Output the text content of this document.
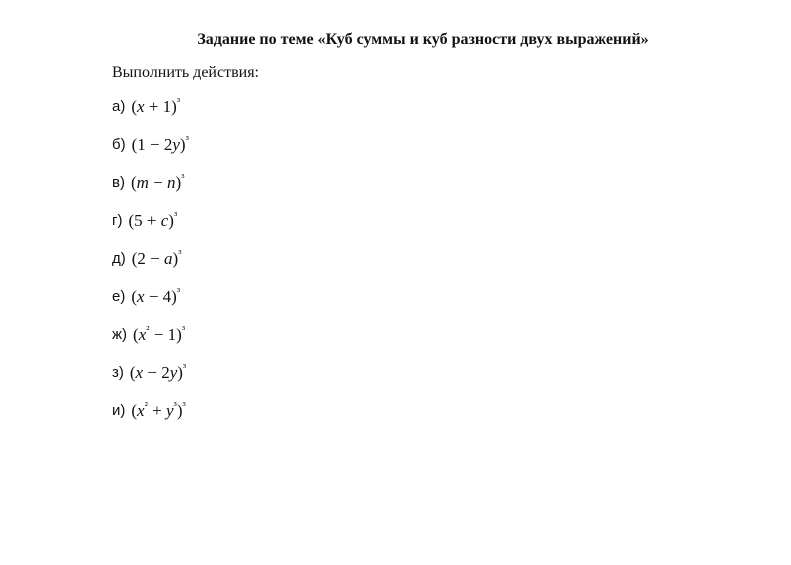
Задание по теме «Куб суммы и куб разности двух выражений»
Выполнить действия:
а) $(x + 1)^{^3}$
б) $(1 - 2y)^{^3}$
в) $(m - n)^{^3}$
г) $(5 + c)^{^3}$
д) $(2 - a)^{^3}$
е) $(x - 4)^{^3}$
ж) $(x^{^2} - 1)^{^3}$
з) $(x - 2y)^{^3}$
и) $(x^{^2} + y^{^3})^{^3}$
